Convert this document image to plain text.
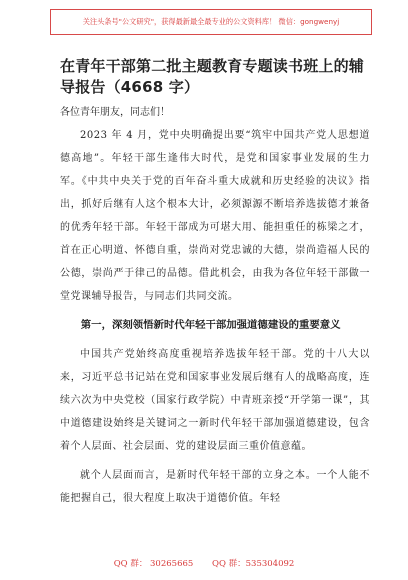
关注头条号"公文研究"，获得最新最全最专业的公文资料库！ 微信：gongwenyj
在青年干部第二批主题教育专题读书班上的辅导报告（4668 字）

各位青年朋友，同志们！

2023 年 4 月，党中央明确提出要“筑牢中国共产党人思想道德高地”。年轻干部生逢伟大时代，是党和国家事业发展的生力军。《中共中央关于党的百年奋斗重大成就和历史经验的决议》指出，抓好后继有人这个根本大计，必须源源不断培养选拔德才兼备的优秀年轻干部。年轻干部成为可堪大用、能担重任的栋梁之才，首在正心明道、怀德自重，崇尚对党忠诚的大德，崇尚造福人民的公德，崇尚严于律己的品德。借此机会，由我为各位年轻干部做一堂党课辅导报告，与同志们共同交流。

第一，深刻领悟新时代年轻干部加强道德建设的重要意义

中国共产党始终高度重视培养选拔年轻干部。党的十八大以来，习近平总书记站在党和国家事业发展后继有人的战略高度，连续六次为中央党校（国家行政学院）中青班亲授“开学第一课”，其中道德建设始终是关键词之一新时代年轻干部加强道德建设，包含着个人层面、社会层面、党的建设层面三重价值意蕴。

就个人层面而言，是新时代年轻干部的立身之本。一个人能不能把握自己，很大程度上取决于道德价值。年轻

QQ 群： 30265665 QQ 群：535304092
